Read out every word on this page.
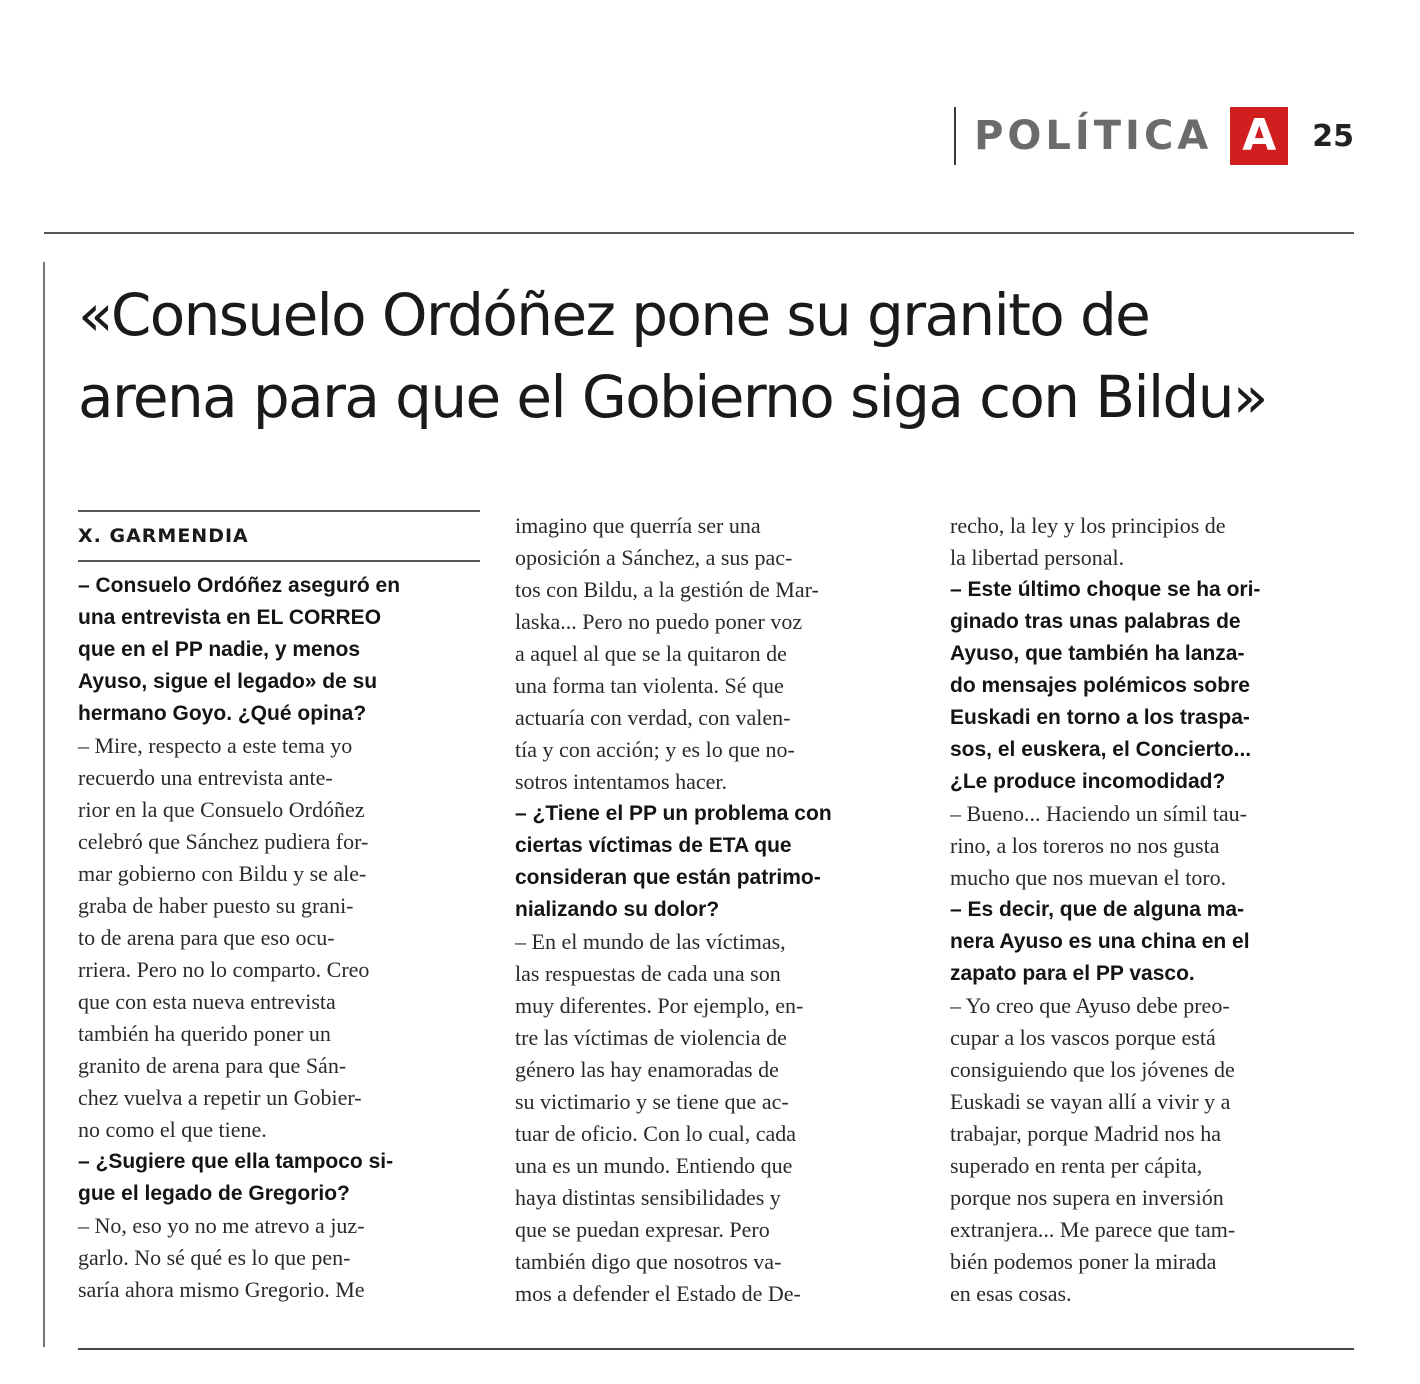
POLÍTICA A	25
«Consuelo Ordóñez pone su granito de
arena para que el Gobierno siga con Bildu»
X. GARMENDIA
– Consuelo Ordóñez aseguró en
una entrevista en EL CORREO
que en el PP nadie, y menos
Ayuso, sigue el legado» de su
hermano Goyo. ¿Qué opina?
– Mire, respecto a este tema yo
recuerdo una entrevista ante-
rior en la que Consuelo Ordóñez
celebró que Sánchez pudiera for-
mar gobierno con Bildu y se ale-
graba de haber puesto su grani-
to de arena para que eso ocu-
rriera. Pero no lo comparto. Creo
que con esta nueva entrevista
también ha querido poner un
granito de arena para que Sán-
chez vuelva a repetir un Gobier-
no como el que tiene.
– ¿Sugiere que ella tampoco si-
gue el legado de Gregorio?
– No, eso yo no me atrevo a juz-
garlo. No sé qué es lo que pen-
saría ahora mismo Gregorio. Me
imagino que querría ser una
oposición a Sánchez, a sus pac-
tos con Bildu, a la gestión de Mar-
laska... Pero no puedo poner voz
a aquel al que se la quitaron de
una forma tan violenta. Sé que
actuaría con verdad, con valen-
tía y con acción; y es lo que no-
sotros intentamos hacer.
– ¿Tiene el PP un problema con
ciertas víctimas de ETA que
consideran que están patrimo-
nializando su dolor?
– En el mundo de las víctimas,
las respuestas de cada una son
muy diferentes. Por ejemplo, en-
tre las víctimas de violencia de
género las hay enamoradas de
su victimario y se tiene que ac-
tuar de oficio. Con lo cual, cada
una es un mundo. Entiendo que
haya distintas sensibilidades y
que se puedan expresar. Pero
también digo que nosotros va-
mos a defender el Estado de De-
recho, la ley y los principios de
la libertad personal.
– Este último choque se ha ori-
ginado tras unas palabras de
Ayuso, que también ha lanza-
do mensajes polémicos sobre
Euskadi en torno a los traspa-
sos, el euskera, el Concierto...
¿Le produce incomodidad?
– Bueno... Haciendo un símil tau-
rino, a los toreros no nos gusta
mucho que nos muevan el toro.
– Es decir, que de alguna ma-
nera Ayuso es una china en el
zapato para el PP vasco.
– Yo creo que Ayuso debe preo-
cupar a los vascos porque está
consiguiendo que los jóvenes de
Euskadi se vayan allí a vivir y a
trabajar, porque Madrid nos ha
superado en renta per cápita,
porque nos supera en inversión
extranjera... Me parece que tam-
bién podemos poner la mirada
en esas cosas.
